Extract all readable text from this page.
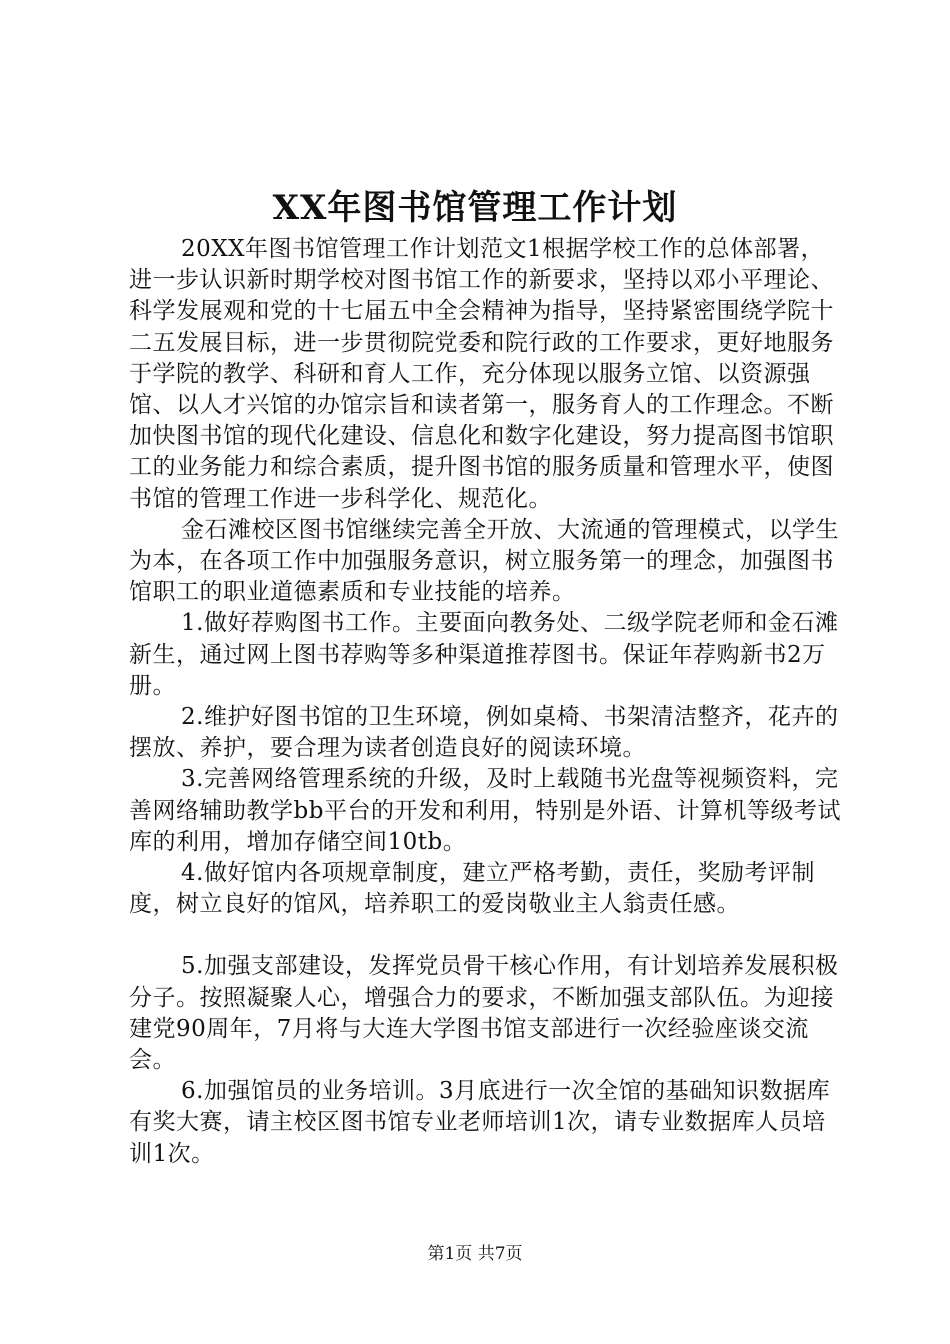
XX年图书馆管理工作计划

20XX年图书馆管理工作计划范文1根据学校工作的总体部署，进一步认识新时期学校对图书馆工作的新要求，坚持以邓小平理论、科学发展观和党的十七届五中全会精神为指导，坚持紧密围绕学院十二五发展目标，进一步贯彻院党委和院行政的工作要求，更好地服务于学院的教学、科研和育人工作，充分体现以服务立馆、以资源强馆、以人才兴馆的办馆宗旨和读者第一，服务育人的工作理念。不断加快图书馆的现代化建设、信息化和数字化建设，努力提高图书馆职工的业务能力和综合素质，提升图书馆的服务质量和管理水平，使图书馆的管理工作进一步科学化、规范化。

金石滩校区图书馆继续完善全开放、大流通的管理模式，以学生为本，在各项工作中加强服务意识，树立服务第一的理念，加强图书馆职工的职业道德素质和专业技能的培养。

1.做好荐购图书工作。主要面向教务处、二级学院老师和金石滩新生，通过网上图书荐购等多种渠道推荐图书。保证年荐购新书2万册。

2.维护好图书馆的卫生环境，例如桌椅、书架清洁整齐，花卉的摆放、养护，要合理为读者创造良好的阅读环境。

3.完善网络管理系统的升级，及时上载随书光盘等视频资料，完善网络辅助教学bb平台的开发和利用，特别是外语、计算机等级考试库的利用，增加存储空间10tb。

4.做好馆内各项规章制度，建立严格考勤，责任，奖励考评制度，树立良好的馆风，培养职工的爱岗敬业主人翁责任感。

5.加强支部建设，发挥党员骨干核心作用，有计划培养发展积极分子。按照凝聚人心，增强合力的要求，不断加强支部队伍。为迎接建党90周年，7月将与大连大学图书馆支部进行一次经验座谈交流会。

6.加强馆员的业务培训。3月底进行一次全馆的基础知识数据库有奖大赛，请主校区图书馆专业老师培训1次，请专业数据库人员培训1次。

第1页 共7页
